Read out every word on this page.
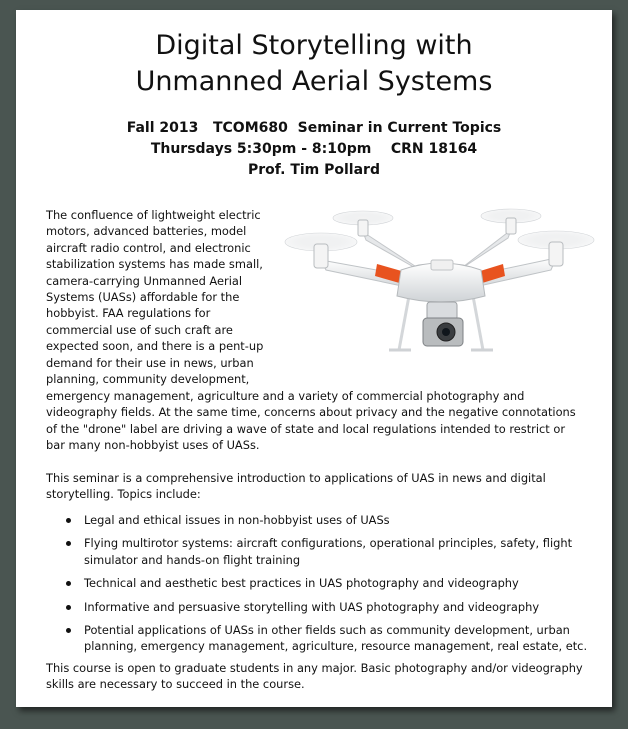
Digital Storytelling with
Unmanned Aerial Systems
Fall 2013   TCOM680  Seminar in Current Topics
Thursdays 5:30pm - 8:10pm    CRN 18164
Prof. Tim Pollard
The confluence of lightweight electric
motors, advanced batteries, model
aircraft radio control, and electronic
stabilization systems has made small,
camera-carrying Unmanned Aerial
Systems (UASs) affordable for the
hobbyist. FAA regulations for
commercial use of such craft are
expected soon, and there is a pent-up
demand for their use in news, urban
planning, community development,
emergency management, agriculture and a variety of commercial photography and
videography fields. At the same time, concerns about privacy and the negative connotations
of the "drone" label are driving a wave of state and local regulations intended to restrict or
bar many non-hobbyist uses of UASs.
This seminar is a comprehensive introduction to applications of UAS in news and digital
storytelling. Topics include:
Legal and ethical issues in non-hobbyist uses of UASs
Flying multirotor systems: aircraft configurations, operational principles, safety, flight
simulator and hands-on flight training
Technical and aesthetic best practices in UAS photography and videography
Informative and persuasive storytelling with UAS photography and videography
Potential applications of UASs in other fields such as community development, urban
planning, emergency management, agriculture, resource management, real estate, etc.
This course is open to graduate students in any major. Basic photography and/or videography
skills are necessary to succeed in the course.
